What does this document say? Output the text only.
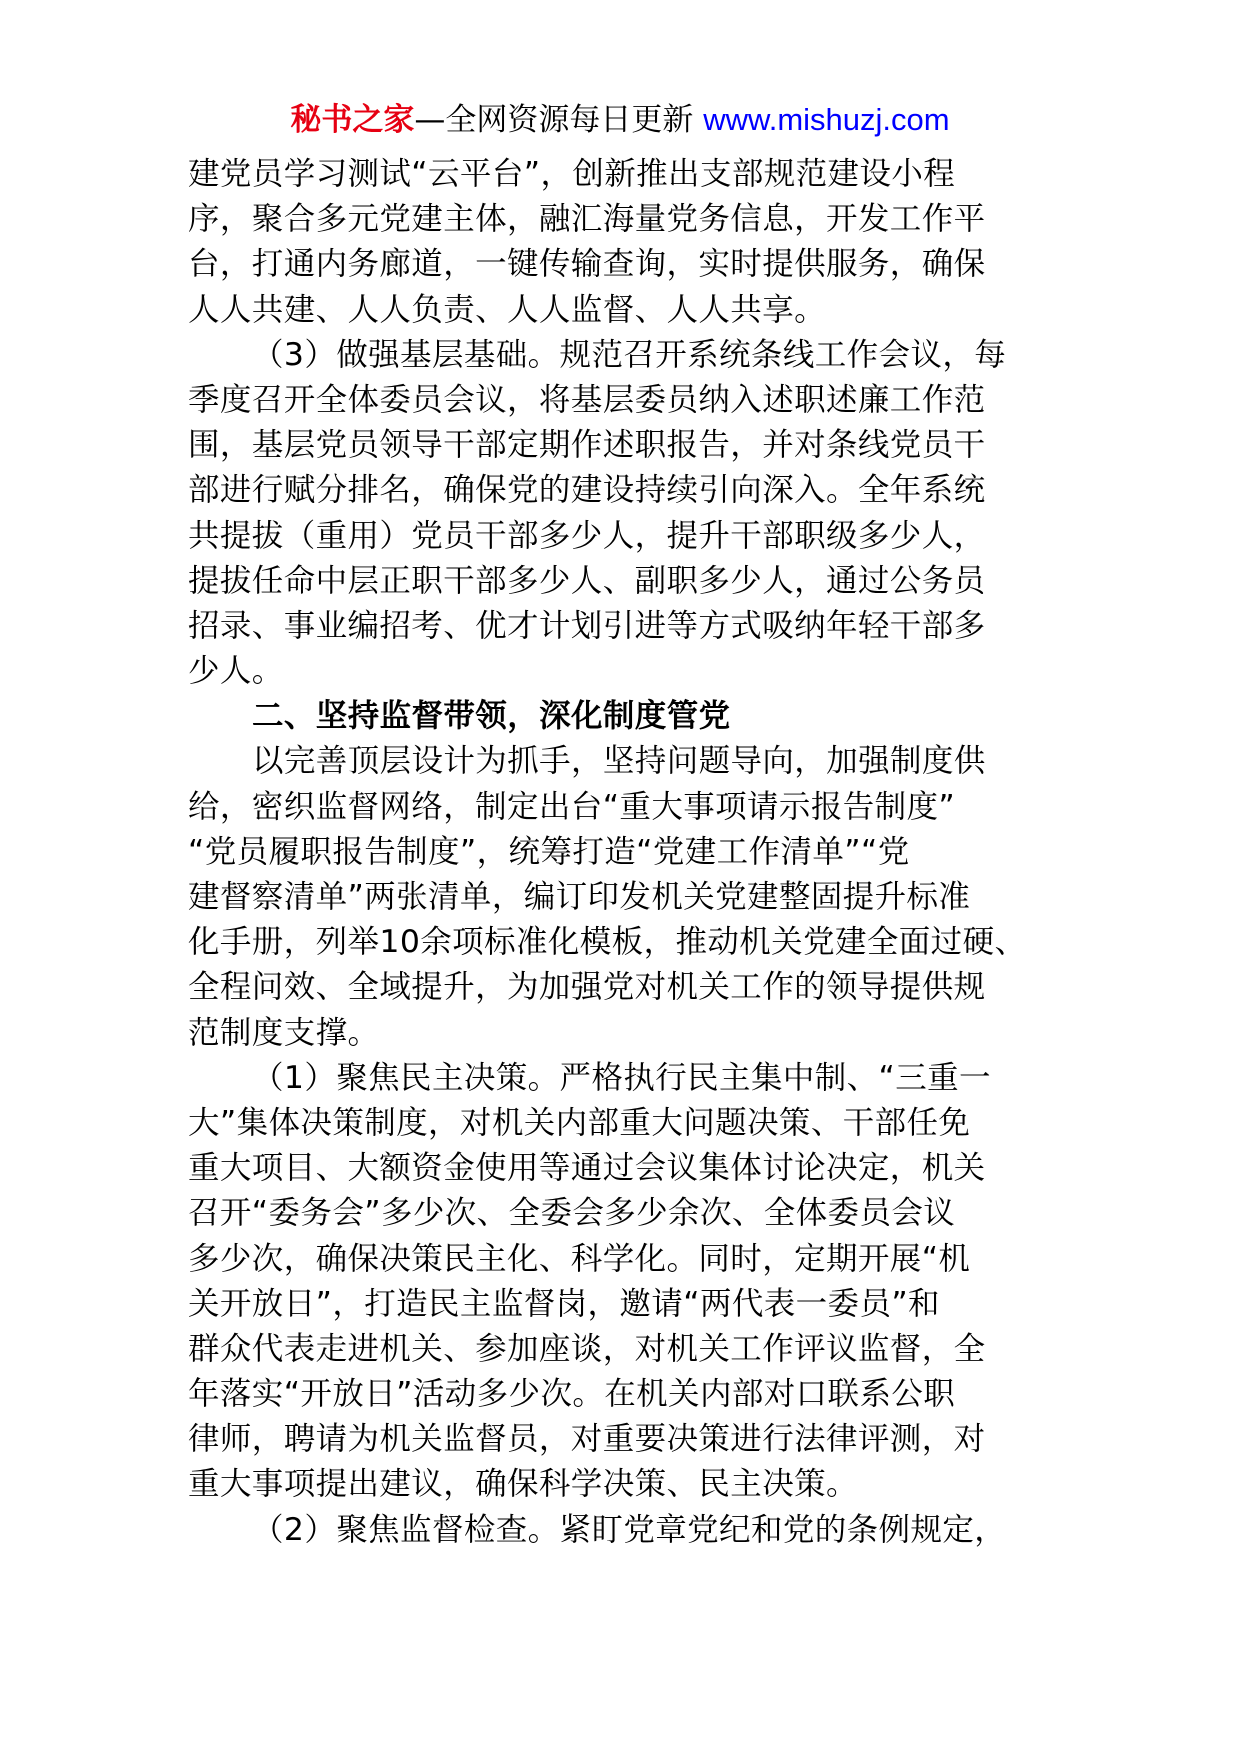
秘书之家—全网资源每日更新 www.mishuzj.com
建党员学习测试“云平台”，创新推出支部规范建设小程
序，聚合多元党建主体，融汇海量党务信息，开发工作平
台，打通内务廊道，一键传输查询，实时提供服务，确保
人人共建、人人负责、人人监督、人人共享。
（3）做强基层基础。规范召开系统条线工作会议，每
季度召开全体委员会议，将基层委员纳入述职述廉工作范
围，基层党员领导干部定期作述职报告，并对条线党员干
部进行赋分排名，确保党的建设持续引向深入。全年系统
共提拔（重用）党员干部多少人，提升干部职级多少人，
提拔任命中层正职干部多少人、副职多少人，通过公务员
招录、事业编招考、优才计划引进等方式吸纳年轻干部多
少人。
二、坚持监督带领，深化制度管党
以完善顶层设计为抓手，坚持问题导向，加强制度供
给，密织监督网络，制定出台“重大事项请示报告制度”
“党员履职报告制度”，统筹打造“党建工作清单”“党
建督察清单”两张清单，编订印发机关党建整固提升标准
化手册，列举10余项标准化模板，推动机关党建全面过硬、
全程问效、全域提升，为加强党对机关工作的领导提供规
范制度支撑。
（1）聚焦民主决策。严格执行民主集中制、“三重一
大”集体决策制度，对机关内部重大问题决策、干部任免
重大项目、大额资金使用等通过会议集体讨论决定，机关
召开“委务会”多少次、全委会多少余次、全体委员会议
多少次，确保决策民主化、科学化。同时，定期开展“机
关开放日”，打造民主监督岗，邀请“两代表一委员”和
群众代表走进机关、参加座谈，对机关工作评议监督，全
年落实“开放日”活动多少次。在机关内部对口联系公职
律师，聘请为机关监督员，对重要决策进行法律评测，对
重大事项提出建议，确保科学决策、民主决策。
（2）聚焦监督检查。紧盯党章党纪和党的条例规定，
